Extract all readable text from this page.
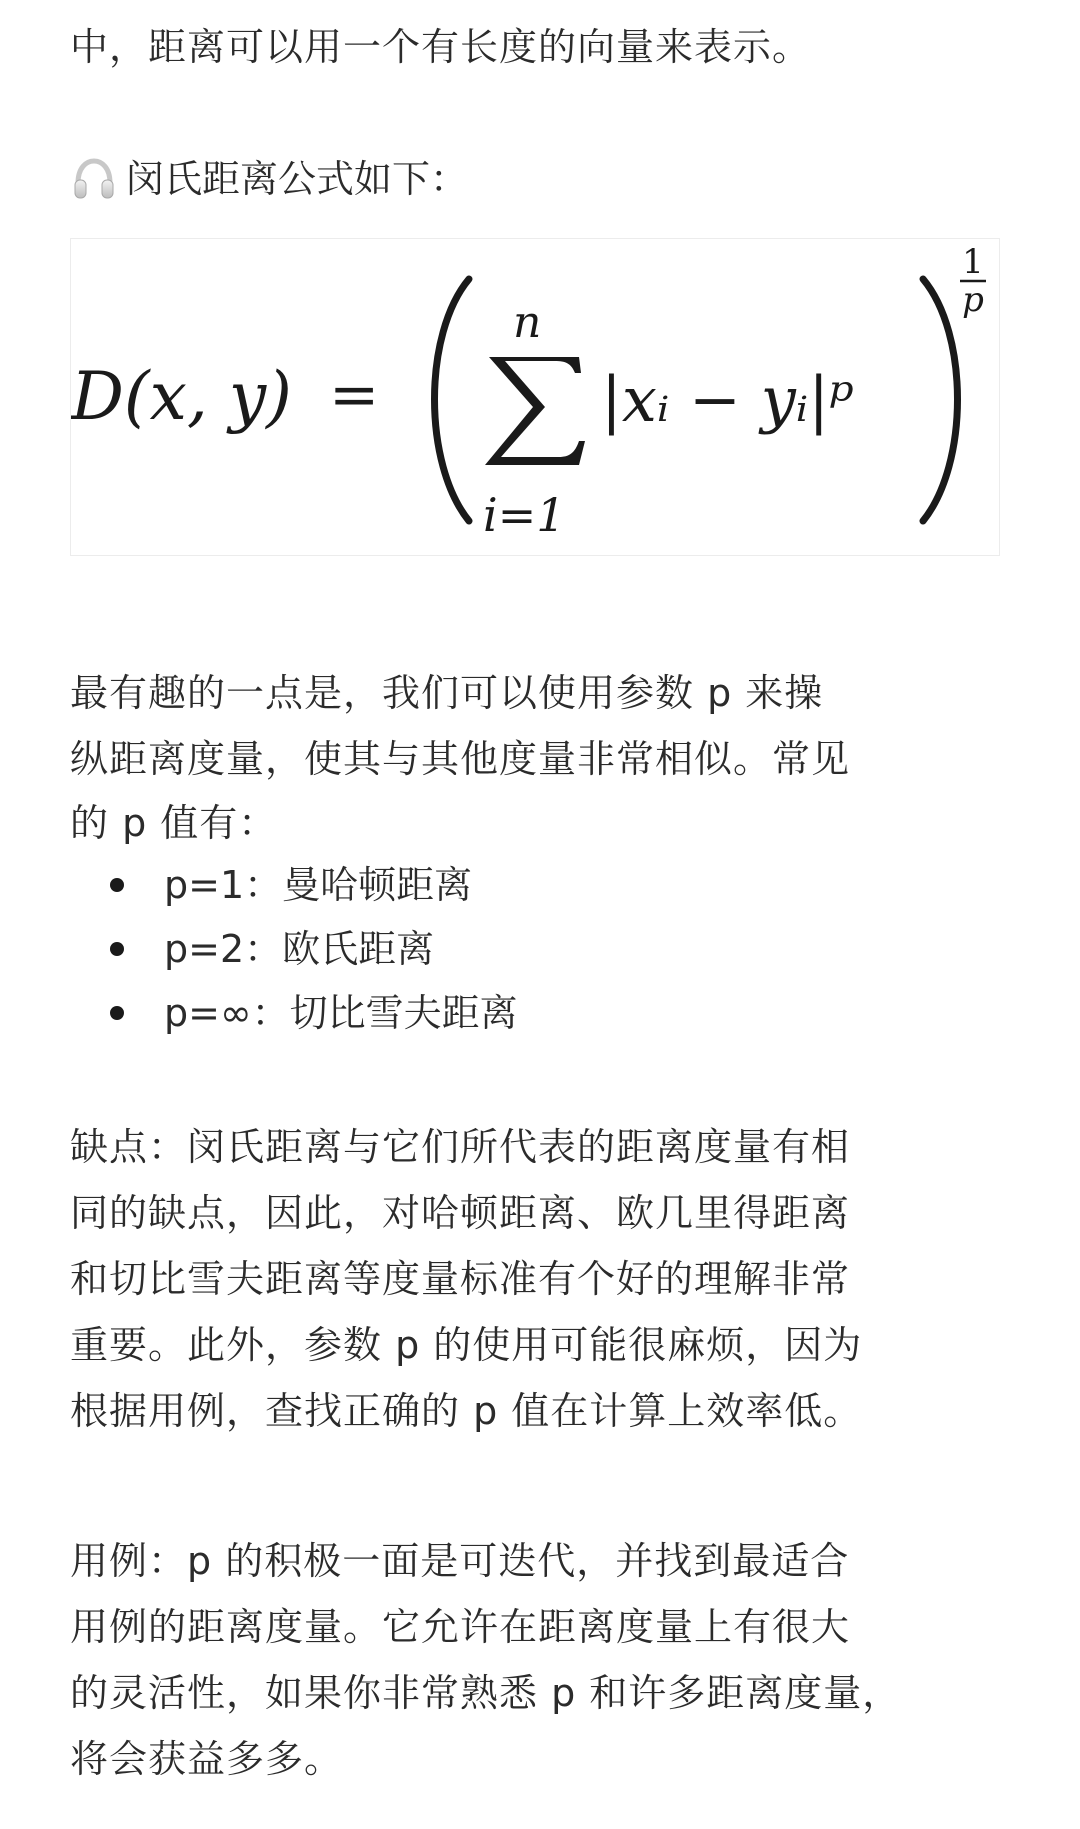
中，距离可以用一个有长度的向量来表示。
闵氏距离公式如下：
D(x, y) =
n
i=1
|xᵢ − yᵢ|ᵖ
1
p
最有趣的一点是，我们可以使用参数 p 来操
纵距离度量，使其与其他度量非常相似。常见
的 p 值有：
p=1：曼哈顿距离
p=2：欧氏距离
p=∞：切比雪夫距离
缺点：闵氏距离与它们所代表的距离度量有相
同的缺点，因此，对哈顿距离、欧几里得距离
和切比雪夫距离等度量标准有个好的理解非常
重要。此外，参数 p 的使用可能很麻烦，因为
根据用例，查找正确的 p 值在计算上效率低。
用例：p 的积极一面是可迭代，并找到最适合
用例的距离度量。它允许在距离度量上有很大
的灵活性，如果你非常熟悉 p 和许多距离度量，
将会获益多多。
